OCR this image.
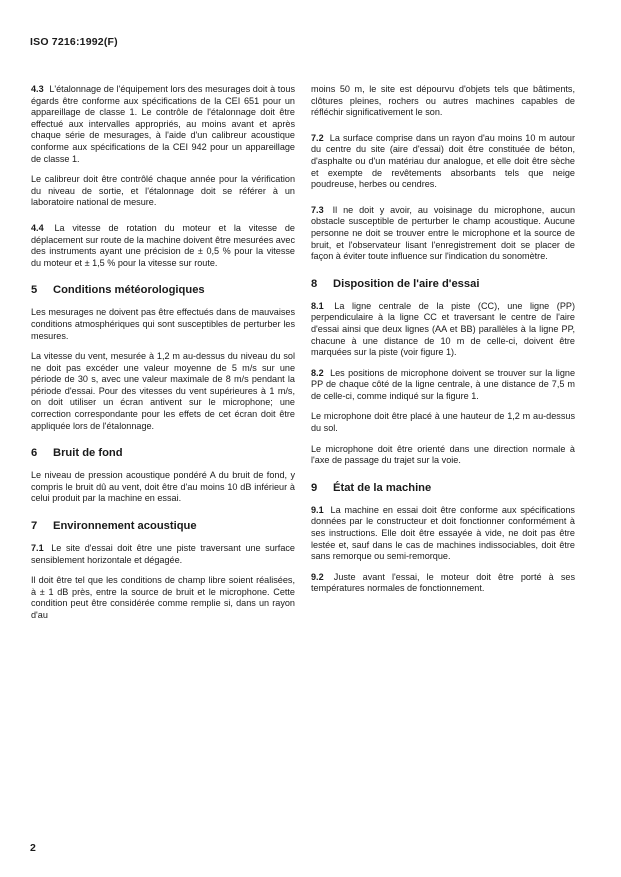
ISO 7216:1992(F)

4.3 L'étalonnage de l'équipement lors des mesurages doit à tous égards être conforme aux spécifications de la CEI 651 pour un appareillage de classe 1. Le contrôle de l'étalonnage doit être effectué aux intervalles appropriés, au moins avant et après chaque série de mesurages, à l'aide d'un calibreur acoustique conforme aux spécifications de la CEI 942 pour un appareillage de classe 1.

Le calibreur doit être contrôlé chaque année pour la vérification du niveau de sortie, et l'étalonnage doit se référer à un laboratoire national de mesure.

4.4 La vitesse de rotation du moteur et la vitesse de déplacement sur route de la machine doivent être mesurées avec des instruments ayant une précision de ± 0,5 % pour la vitesse du moteur et ± 1,5 % pour la vitesse sur route.

5 Conditions météorologiques

Les mesurages ne doivent pas être effectués dans de mauvaises conditions atmosphériques qui sont susceptibles de perturber les mesures.

La vitesse du vent, mesurée à 1,2 m au-dessus du niveau du sol ne doit pas excéder une valeur moyenne de 5 m/s sur une période de 30 s, avec une valeur maximale de 8 m/s pendant la période d'essai. Pour des vitesses du vent supérieures à 1 m/s, on doit utiliser un écran antivent sur le microphone; une correction correspondante pour les effets de cet écran doit être appliquée lors de l'étalonnage.

6 Bruit de fond

Le niveau de pression acoustique pondéré A du bruit de fond, y compris le bruit dû au vent, doit être d'au moins 10 dB inférieur à celui produit par la machine en essai.

7 Environnement acoustique

7.1 Le site d'essai doit être une piste traversant une surface sensiblement horizontale et dégagée.

Il doit être tel que les conditions de champ libre soient réalisées, à ± 1 dB près, entre la source de bruit et le microphone. Cette condition peut être considérée comme remplie si, dans un rayon d'au

moins 50 m, le site est dépourvu d'objets tels que bâtiments, clôtures pleines, rochers ou autres machines capables de réfléchir significativement le son.

7.2 La surface comprise dans un rayon d'au moins 10 m autour du centre du site (aire d'essai) doit être constituée de béton, d'asphalte ou d'un matériau dur analogue, et elle doit être sèche et exempte de revêtements absorbants tels que neige poudreuse, herbes ou cendres.

7.3 Il ne doit y avoir, au voisinage du microphone, aucun obstacle susceptible de perturber le champ acoustique. Aucune personne ne doit se trouver entre le microphone et la source de bruit, et l'observateur lisant l'enregistrement doit se placer de façon à éviter toute influence sur l'indication du sonomètre.

8 Disposition de l'aire d'essai

8.1 La ligne centrale de la piste (CC), une ligne (PP) perpendiculaire à la ligne CC et traversant le centre de l'aire d'essai ainsi que deux lignes (AA et BB) parallèles à la ligne PP, chacune à une distance de 10 m de celle-ci, doivent être marquées sur la piste (voir figure 1).

8.2 Les positions de microphone doivent se trouver sur la ligne PP de chaque côté de la ligne centrale, à une distance de 7,5 m de celle-ci, comme indiqué sur la figure 1.

Le microphone doit être placé à une hauteur de 1,2 m au-dessus du sol.

Le microphone doit être orienté dans une direction normale à l'axe de passage du trajet sur la voie.

9 État de la machine

9.1 La machine en essai doit être conforme aux spécifications données par le constructeur et doit fonctionner conformément à ses instructions. Elle doit être essayée à vide, ne doit pas être lestée et, sauf dans le cas de machines indissociables, doit être sans remorque ou semi-remorque.

9.2 Juste avant l'essai, le moteur doit être porté à ses températures normales de fonctionnement.

2
